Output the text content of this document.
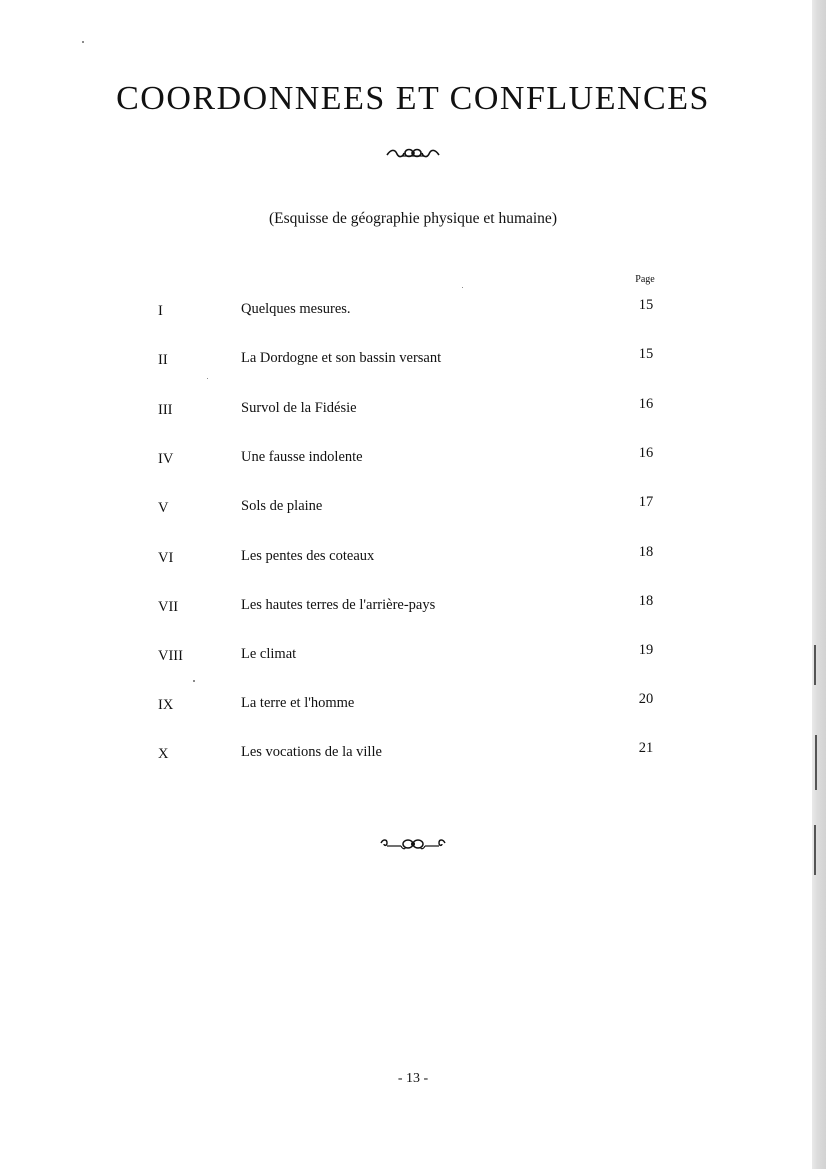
COORDONNEES ET CONFLUENCES
(Esquisse de géographie physique et humaine)
Page
I	Quelques mesures.	15
II	La Dordogne et son bassin versant	15
III	Survol de la Fidésie	16
IV	Une fausse indolente	16
V	Sols de plaine	17
VI	Les pentes des coteaux	18
VII	Les hautes terres de l'arrière-pays	18
VIII	Le climat	19
IX	La terre et l'homme	20
X	Les vocations de la ville	21
- 13 -
